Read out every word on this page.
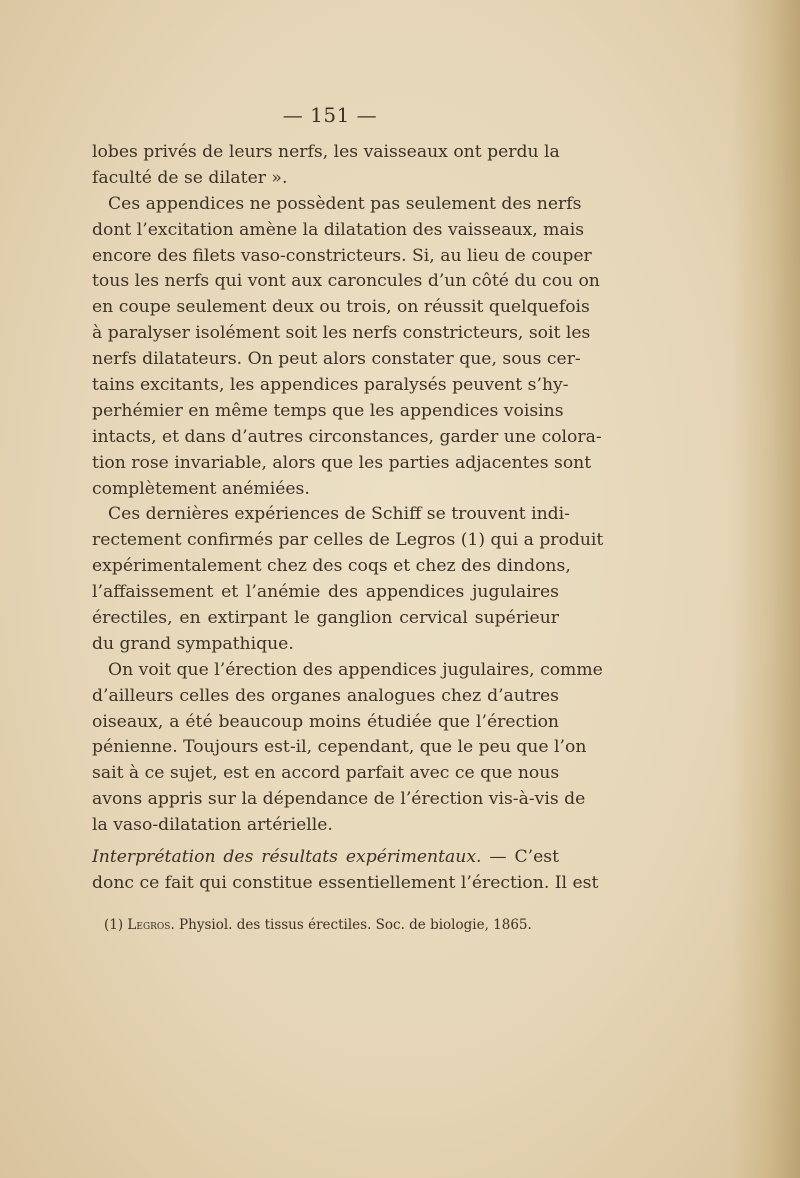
— 151 —
lobes privés de leurs nerfs, les vaisseaux ont perdu la
faculté de se dilater ».
Ces appendices ne possèdent pas seulement des nerfs
dont l’excitation amène la dilatation des vaisseaux, mais
encore des filets vaso-constricteurs. Si, au lieu de couper
tous les nerfs qui vont aux caroncules d’un côté du cou on
en coupe seulement deux ou trois, on réussit quelquefois
à paralyser isolément soit les nerfs constricteurs, soit les
nerfs dilatateurs. On peut alors constater que, sous cer-
tains excitants, les appendices paralysés peuvent s’hy-
perhémier en même temps que les appendices voisins
intacts, et dans d’autres circonstances, garder une colora-
tion rose invariable, alors que les parties adjacentes sont
complètement anémiées.
Ces dernières expériences de Schiff se trouvent indi-
rectement confirmés par celles de Legros (1) qui a produit
expérimentalement chez des coqs et chez des dindons,
l’affaissement et l’anémie des appendices jugulaires
érectiles, en extirpant le ganglion cervical supérieur
du grand sympathique.
On voit que l’érection des appendices jugulaires, comme
d’ailleurs celles des organes analogues chez d’autres
oiseaux, a été beaucoup moins étudiée que l’érection
pénienne. Toujours est-il, cependant, que le peu que l’on
sait à ce sujet, est en accord parfait avec ce que nous
avons appris sur la dépendance de l’érection vis-à-vis de
la vaso-dilatation artérielle.
Interprétation des résultats expérimentaux. — C’est
donc ce fait qui constitue essentiellement l’érection. Il est
(1) Legros. Physiol. des tissus érectiles. Soc. de biologie, 1865.
